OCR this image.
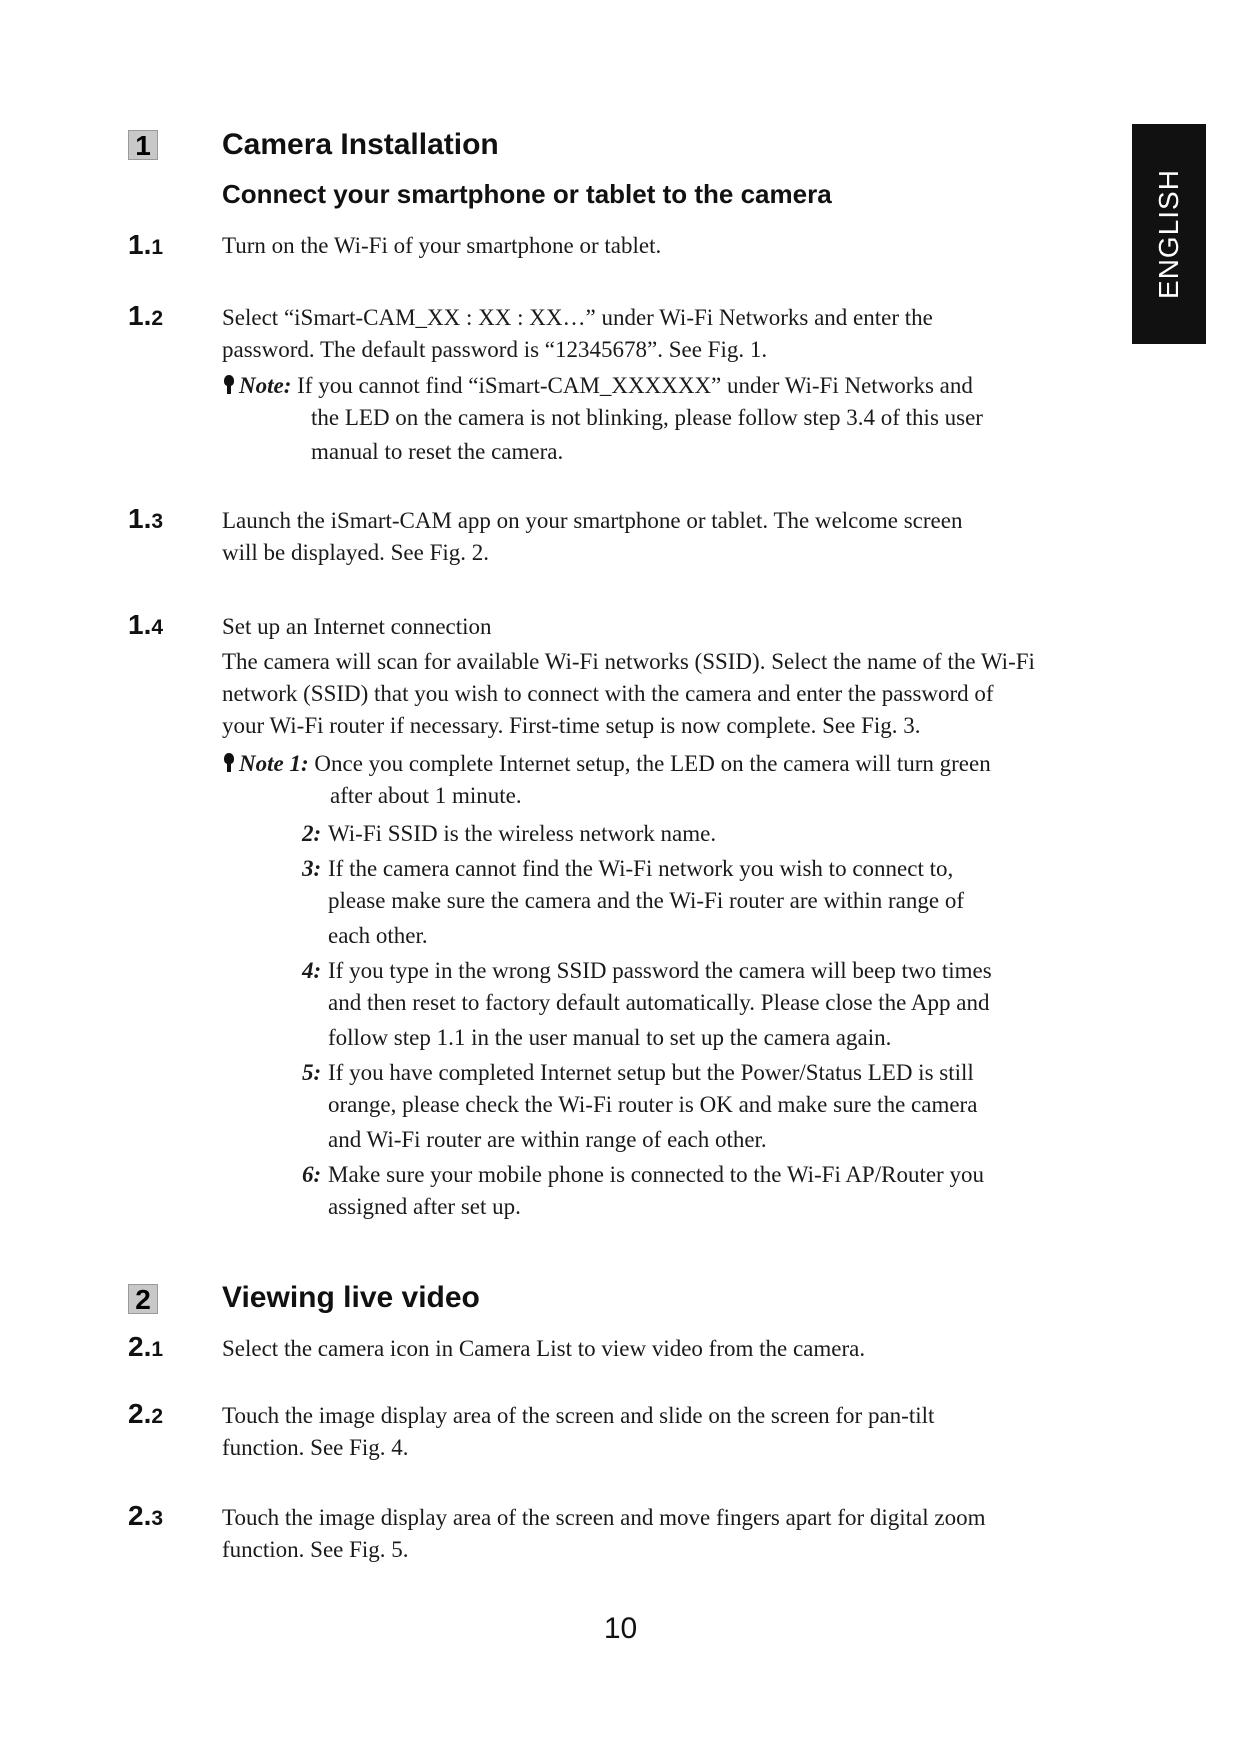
ENGLISH
1 Camera Installation
Connect your smartphone or tablet to the camera
1.1	Turn on the Wi-Fi of your smartphone or tablet.

1.2	Select “iSmart-CAM_XX : XX : XX…” under Wi-Fi Networks and enter the

password. The default password is “12345678”. See Fig. 1.

Note: If you cannot find “iSmart-CAM_XXXXXX” under Wi-Fi Networks and

the LED on the camera is not blinking, please follow step 3.4 of this user

manual to reset the camera.

1.3	Launch the iSmart-CAM app on your smartphone or tablet. The welcome screen

will be displayed. See Fig. 2.

1.4	Set up an Internet connection

The camera will scan for available Wi-Fi networks (SSID). Select the name of the Wi-Fi

network (SSID) that you wish to connect with the camera and enter the password of

your Wi-Fi router if necessary. First-time setup is now complete. See Fig. 3.

Note 1: Once you complete Internet setup, the LED on the camera will turn green

after about 1 minute.

2: Wi-Fi SSID is the wireless network name.
3: If the camera cannot find the Wi-Fi network you wish to connect to,
please make sure the camera and the Wi-Fi router are within range of
each other.
4: If you type in the wrong SSID password the camera will beep two times
and then reset to factory default automatically. Please close the App and
follow step 1.1 in the user manual to set up the camera again.
5: If you have completed Internet setup but the Power/Status LED is still
orange, please check the Wi-Fi router is OK and make sure the camera
and Wi-Fi router are within range of each other.
6: Make sure your mobile phone is connected to the Wi-Fi AP/Router you
assigned after set up.
2 Viewing live video
2.1	Select the camera icon in Camera List to view video from the camera.

2.2	Touch the image display area of the screen and slide on the screen for pan-tilt

function. See Fig. 4.

2.3	Touch the image display area of the screen and move fingers apart for digital zoom

function. See Fig. 5.

10
